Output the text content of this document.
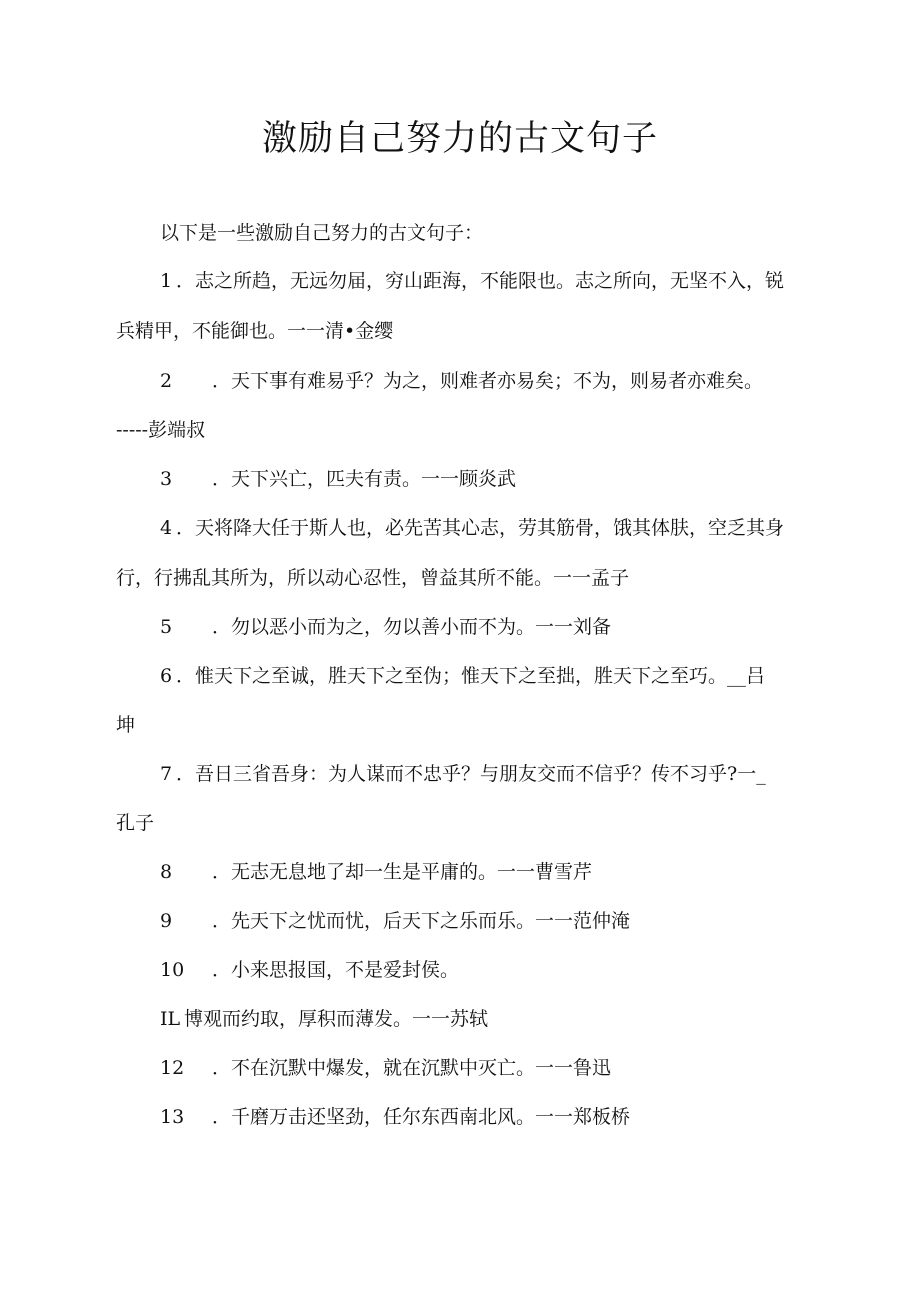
激励自己努力的古文句子
以下是一些激励自己努力的古文句子：
1 ．志之所趋，无远勿届，穷山距海，不能限也。志之所向，无坚不入，锐
兵精甲，不能御也。一一清•金缨
2 ．天下事有难易乎？为之，则难者亦易矣；不为，则易者亦难矣。
-----彭端叔
3 ．天下兴亡，匹夫有责。一一顾炎武
4 ．天将降大任于斯人也，必先苦其心志，劳其筋骨，饿其体肤，空乏其身
行，行拂乱其所为，所以动心忍性，曾益其所不能。一一孟子
5 ．勿以恶小而为之，勿以善小而不为。一一刘备
6 ．惟天下之至诚，胜天下之至伪；惟天下之至拙，胜天下之至巧。__吕
坤
7 ．吾日三省吾身：为人谋而不忠乎？与朋友交而不信乎？传不习乎?一_
孔子
8 ．无志无息地了却一生是平庸的。一一曹雪芹
9 ．先天下之忧而忧，后天下之乐而乐。一一范仲淹
10 ．小来思报国，不是爱封侯。
IL 博观而约取，厚积而薄发。一一苏轼
12 ．不在沉默中爆发，就在沉默中灭亡。一一鲁迅
13 ．千磨万击还坚劲，任尔东西南北风。一一郑板桥
